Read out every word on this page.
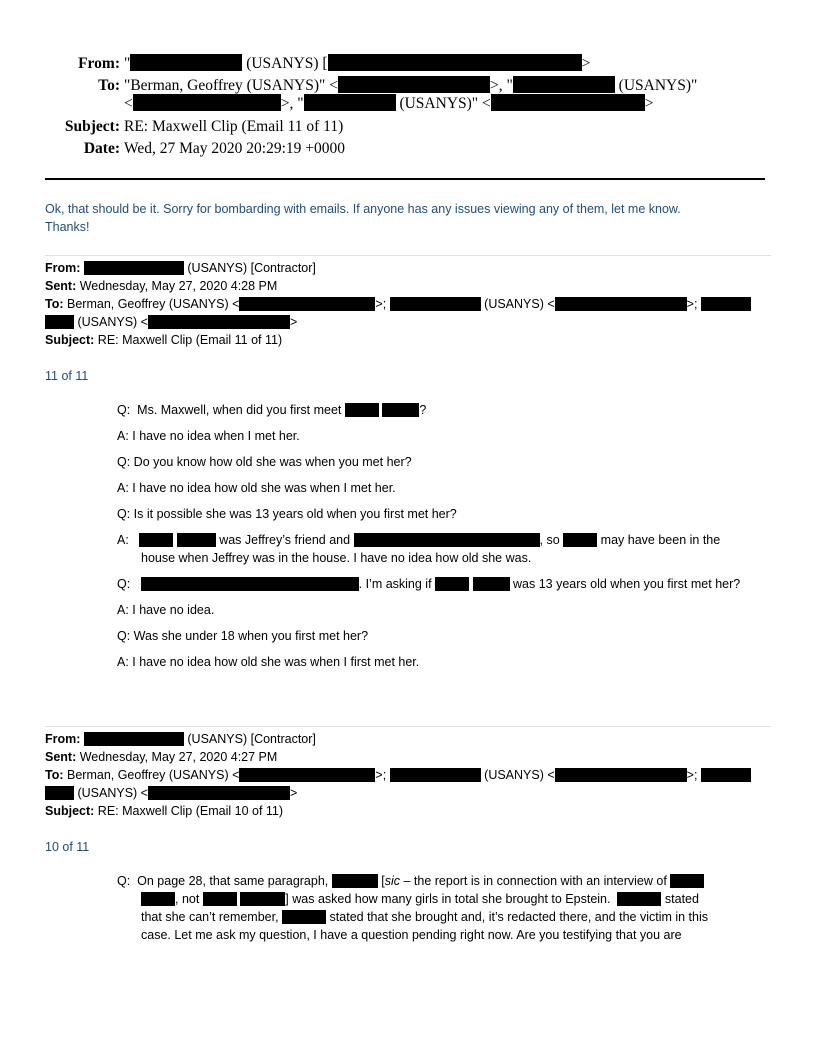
From: "	(USANYS) [	>
To: "Berman, Geoffrey (USANYS)" <	>, "	(USANYS)"
<	>, "	(USANYS)" <	>
Subject: RE: Maxwell Clip (Email 11 of 11)
Date: Wed, 27 May 2020 20:29:19 +0000
Ok, that should be it. Sorry for bombarding with emails. If anyone has any issues viewing any of them, let me know.
Thanks!
From:	(USANYS) [Contractor]
Sent: Wednesday, May 27, 2020 4:28 PM
To: Berman, Geoffrey (USANYS) <	>;	(USANYS) <	>;
(USANYS) <	>
Subject: RE: Maxwell Clip (Email 11 of 11)
11 of 11
Q: Ms. Maxwell, when did you first meet	?
A: I have no idea when I met her.
Q: Do you know how old she was when you met her?
A: I have no idea how old she was when I met her.
Q: Is it possible she was 13 years old when you first met her?
A:	was Jeffrey’s friend and	, so	may have been in the
house when Jeffrey was in the house. I have no idea how old she was.
Q:	. I’m asking if	was 13 years old when you first met her?
A: I have no idea.
Q: Was she under 18 when you first met her?
A: I have no idea how old she was when I first met her.
From:	(USANYS) [Contractor]
Sent: Wednesday, May 27, 2020 4:27 PM
To: Berman, Geoffrey (USANYS) <	>;	(USANYS) <	>;
(USANYS) <	>
Subject: RE: Maxwell Clip (Email 10 of 11)
10 of 11
Q: On page 28, that same paragraph,	[sic – the report is in connection with an interview of
, not	] was asked how many girls in total she brought to Epstein.	stated
that she can’t remember,	stated that she brought and, it’s redacted there, and the victim in this
case. Let me ask my question, I have a question pending right now. Are you testifying that you are
